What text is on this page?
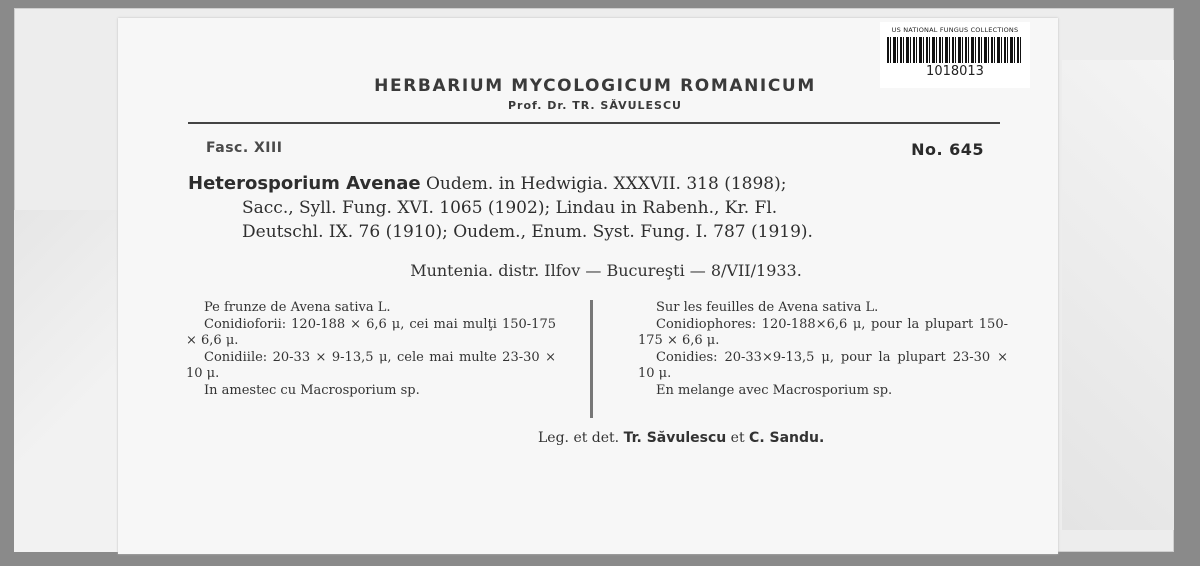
US NATIONAL FUNGUS COLLECTIONS
1018013
HERBARIUM MYCOLOGICUM ROMANICUM
Prof. Dr. TR. SĂVULESCU
Fasc. XIII	No. 645
Heterosporium Avenae Oudem. in Hedwigia. XXXVII. 318 (1898);
Sacc., Syll. Fung. XVI. 1065 (1902); Lindau in Rabenh., Kr. Fl.
Deutschl. IX. 76 (1910); Oudem., Enum. Syst. Fung. I. 787 (1919).
Muntenia. distr. Ilfov — Bucureşti — 8/VII/1933.

Pe frunze de Avena sativa L.

Conidioforii: 120-188 × 6,6 μ, cei mai mulţi 150-175 × 6,6 μ.

Conidiile: 20-33 × 9-13,5 μ, cele mai multe 23-30 × 10 μ.

In amestec cu Macrosporium sp.

Sur les feuilles de Avena sativa L.

Conidiophores: 120-188×6,6 μ, pour la plupart 150-175 × 6,6 μ.

Conidies: 20-33×9-13,5 μ, pour la plupart 23-30 × 10 μ.

En melange avec Macrosporium sp.

Leg. et det. Tr. Săvulescu et C. Sandu.
